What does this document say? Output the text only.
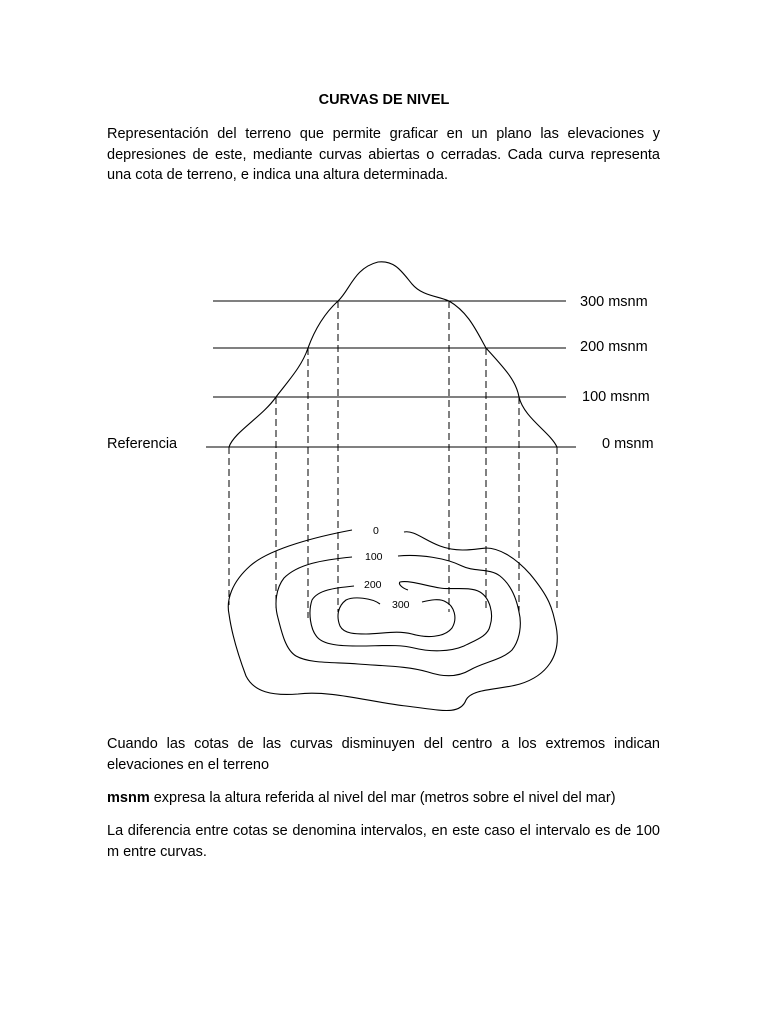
CURVAS DE NIVEL

Representación del terreno que permite graficar en un plano las elevaciones y depresiones de este, mediante curvas abiertas o cerradas. Cada curva representa una cota de terreno, e indica una altura determinada.

300 msnm
200 msnm
100 msnm
0 msnm
Referencia
0
100
200
300

Cuando las cotas de las curvas disminuyen del centro a los extremos indican elevaciones en el terreno

msnm expresa la altura referida al nivel del mar (metros sobre el nivel del mar)

La diferencia entre cotas se denomina intervalos, en este caso el intervalo es de 100 m entre curvas.
